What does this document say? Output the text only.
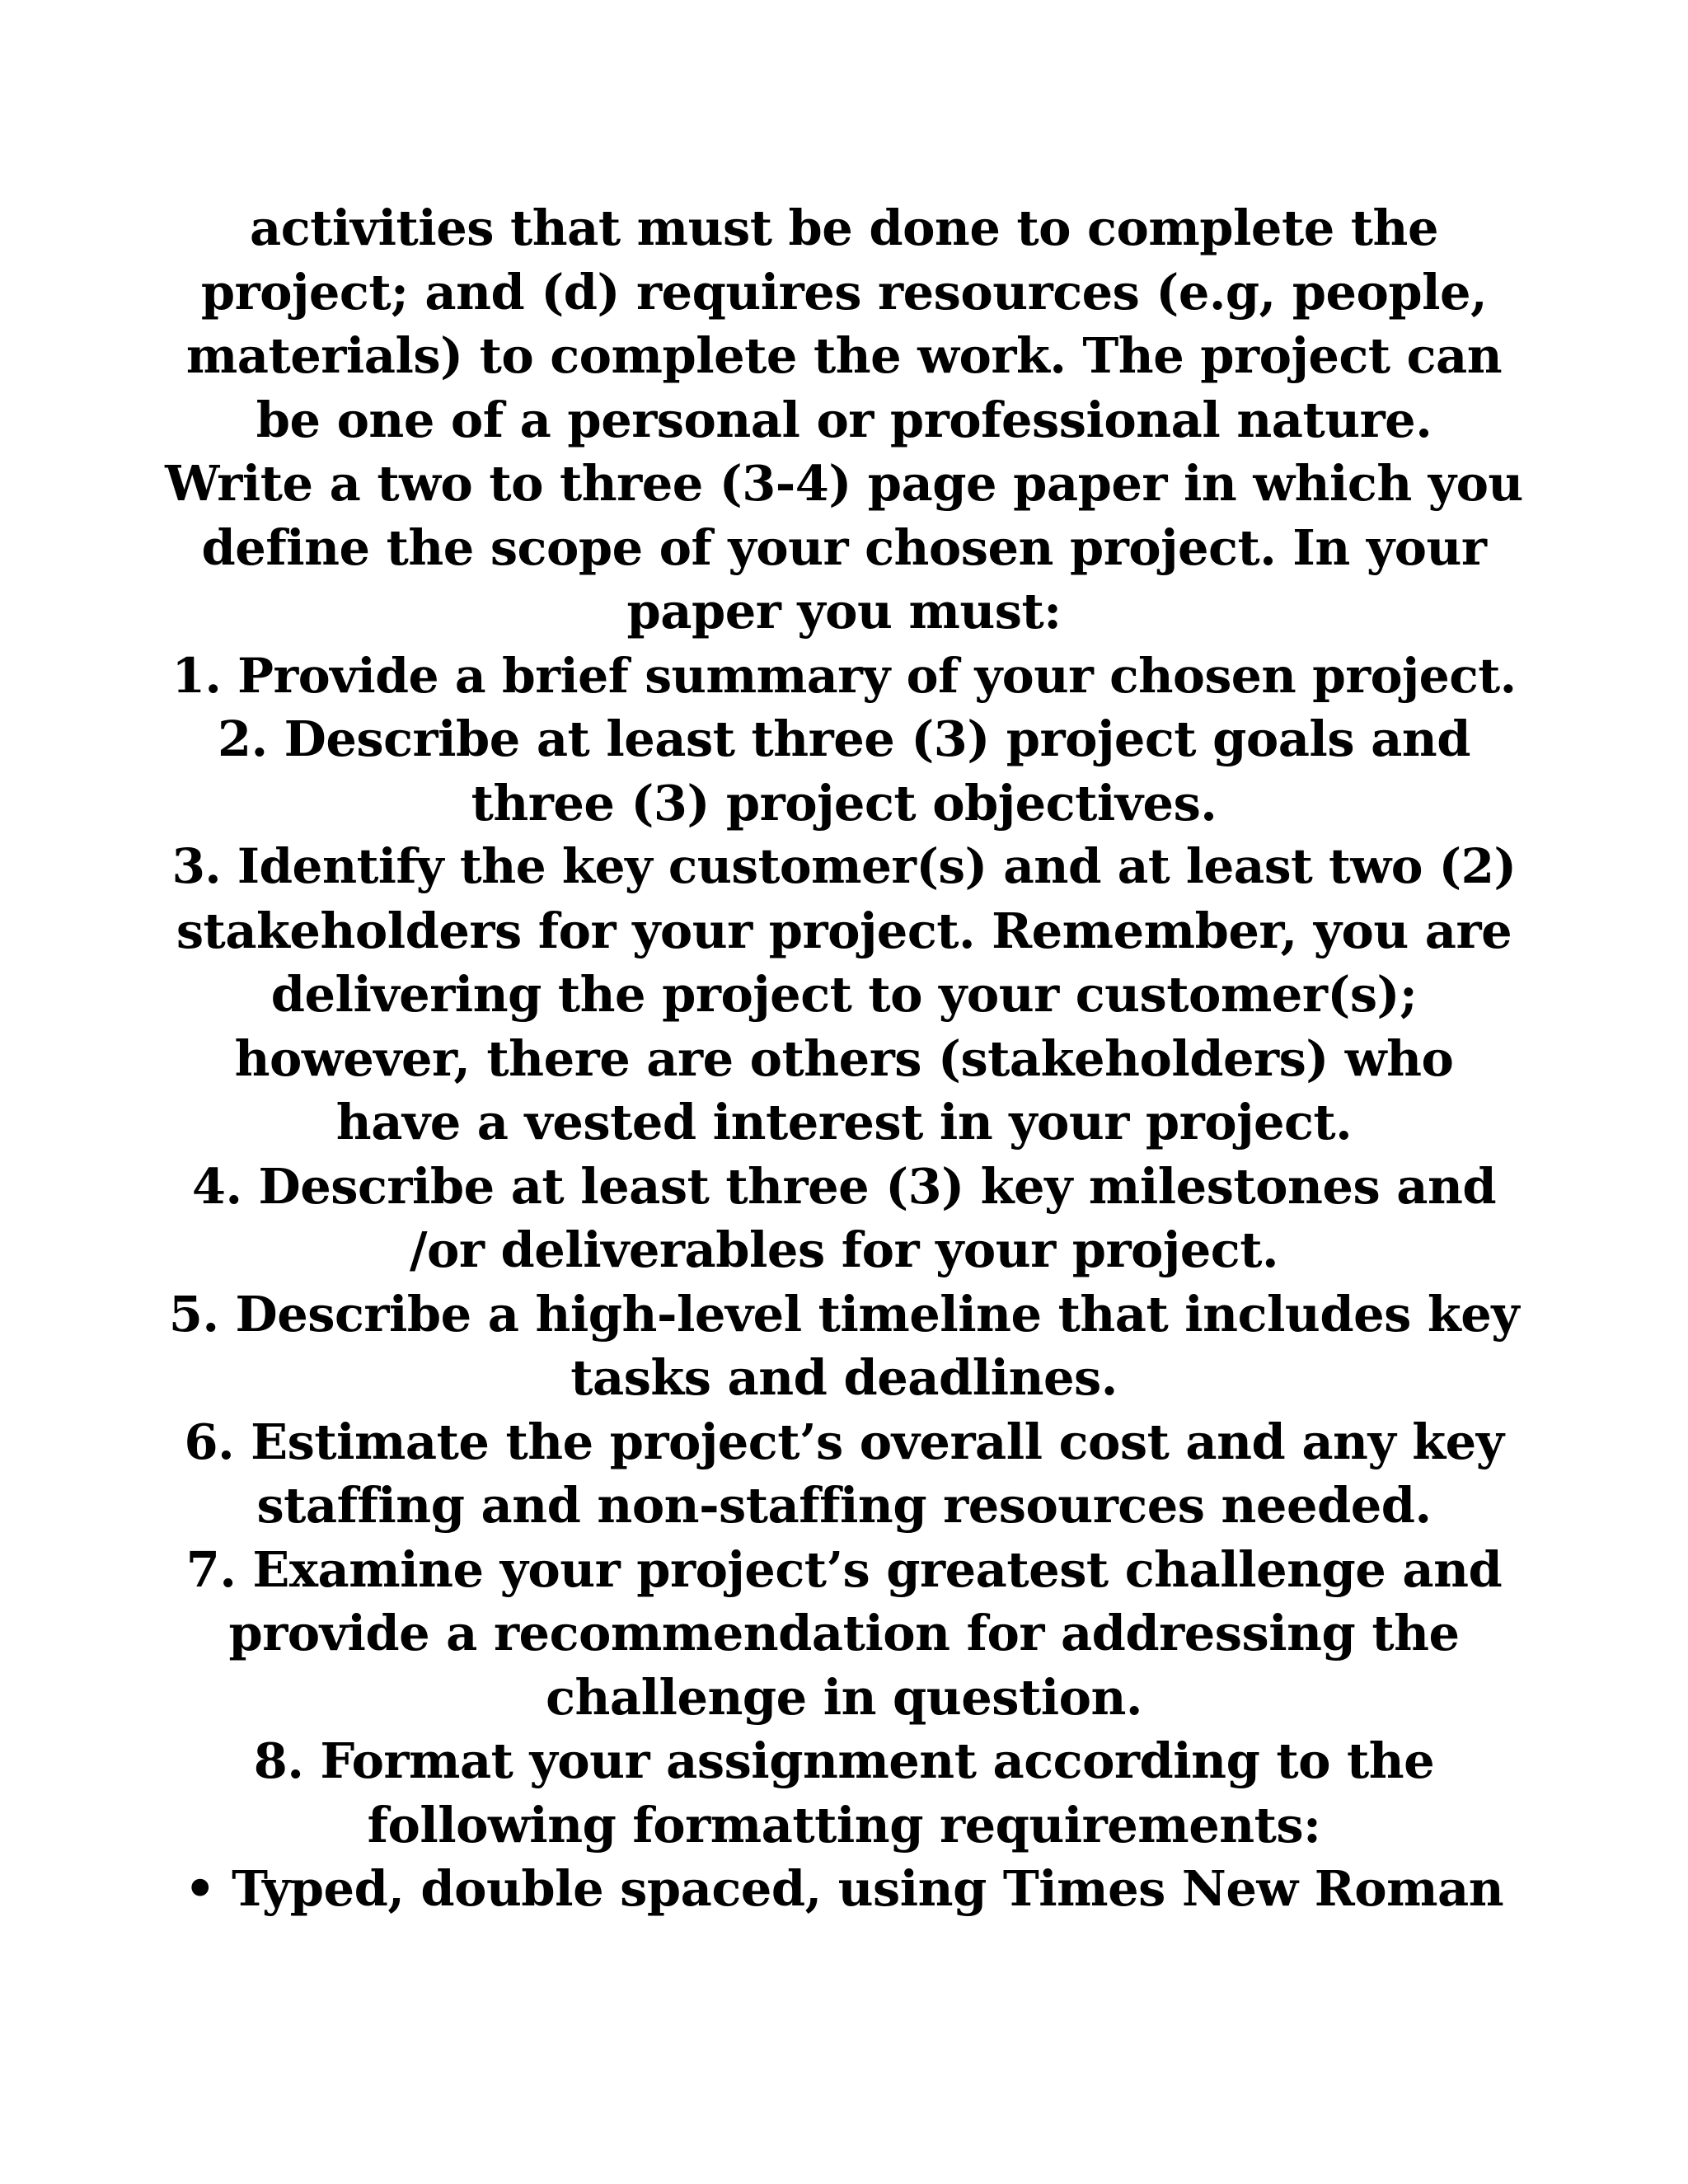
activities that must be done to complete the
project; and (d) requires resources (e.g, people,
materials) to complete the work. The project can
be one of a personal or professional nature.
Write a two to three (3-4) page paper in which you
define the scope of your chosen project. In your
paper you must:
1. Provide a brief summary of your chosen project.
2. Describe at least three (3) project goals and
three (3) project objectives.
3. Identify the key customer(s) and at least two (2)
stakeholders for your project. Remember, you are
delivering the project to your customer(s);
however, there are others (stakeholders) who
have a vested interest in your project.
4. Describe at least three (3) key milestones and
/or deliverables for your project.
5. Describe a high-level timeline that includes key
tasks and deadlines.
6. Estimate the project’s overall cost and any key
staffing and non-staffing resources needed.
7. Examine your project’s greatest challenge and
provide a recommendation for addressing the
challenge in question.
8. Format your assignment according to the
following formatting requirements:
• Typed, double spaced, using Times New Roman
